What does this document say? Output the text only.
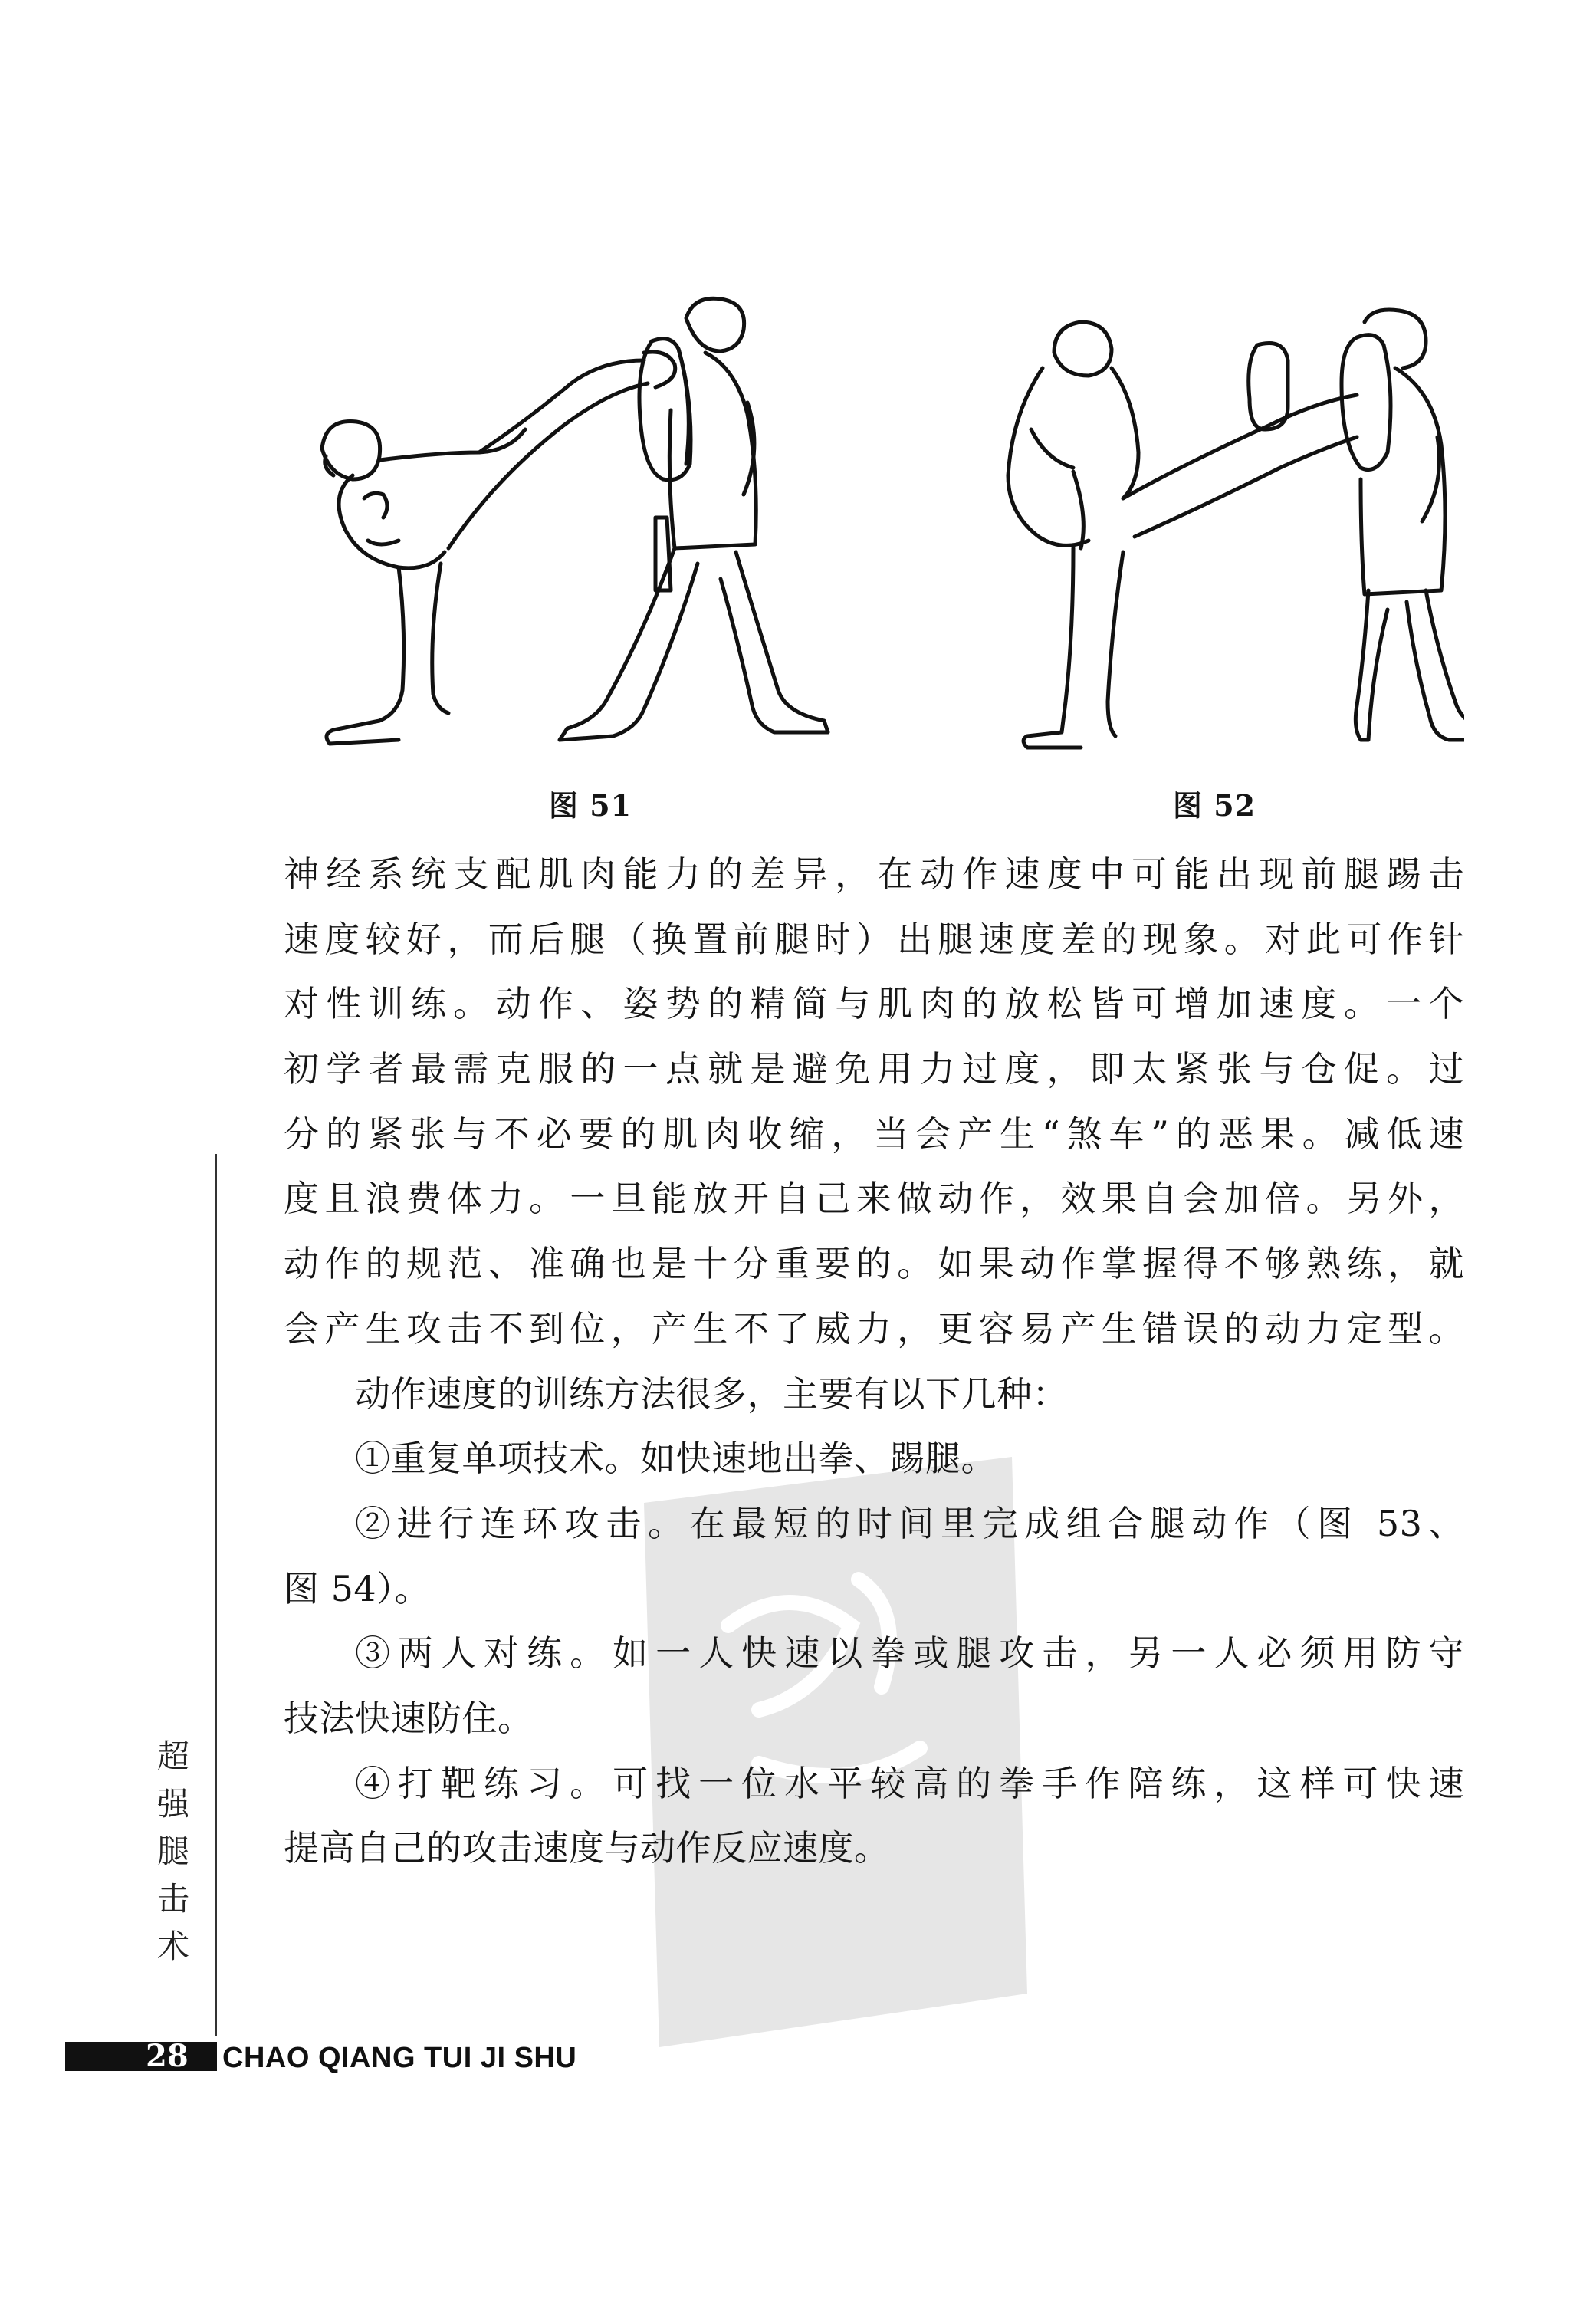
图 51	图 52
神经系统支配肌肉能力的差异，在动作速度中可能出现前腿踢击
速度较好，而后腿（换置前腿时）出腿速度差的现象。对此可作针
对性训练。动作、姿势的精简与肌肉的放松皆可增加速度。一个
初学者最需克服的一点就是避免用力过度，即太紧张与仓促。过
分的紧张与不必要的肌肉收缩，当会产生“煞车”的恶果。减低速
度且浪费体力。一旦能放开自己来做动作，效果自会加倍。另外，
动作的规范、准确也是十分重要的。如果动作掌握得不够熟练，就
会产生攻击不到位，产生不了威力，更容易产生错误的动力定型。
动作速度的训练方法很多，主要有以下几种：
①重复单项技术。如快速地出拳、踢腿。
②进行连环攻击。在最短的时间里完成组合腿动作（图 53、
图 54）。
③两人对练。如一人快速以拳或腿攻击，另一人必须用防守
技法快速防住。
④打靶练习。可找一位水平较高的拳手作陪练，这样可快速
提高自己的攻击速度与动作反应速度。
超
强
腿
击
术
28 CHAO QIANG TUI JI SHU
